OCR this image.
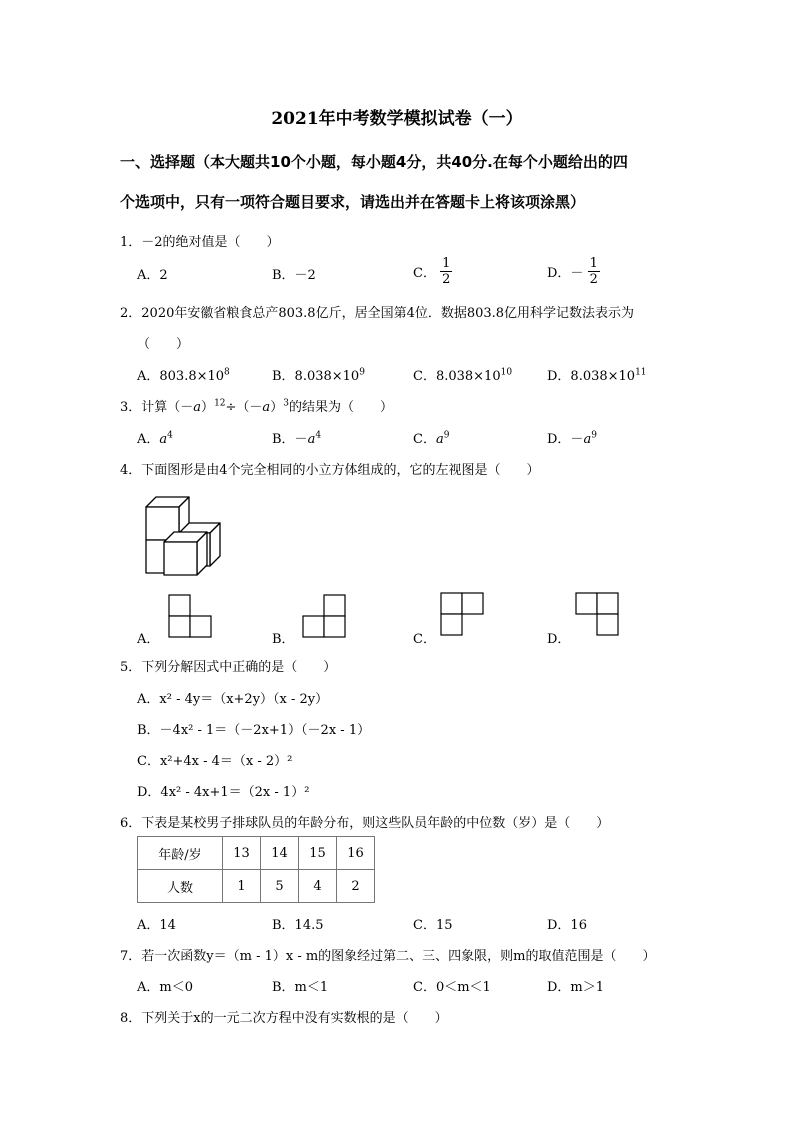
2021年中考数学模拟试卷（一）
一、选择题（本大题共10个小题，每小题4分，共40分.在每个小题给出的四
个选项中，只有一项符合题目要求，请选出并在答题卡上将该项涂黑）
1．－2的绝对值是（　　）
A．2	B．－2	C． $\frac{1}{2}$	D．－ $\frac{1}{2}$
2．2020年安徽省粮食总产803.8亿斤，居全国第4位．数据803.8亿用科学记数法表示为
（　　）
A．$803.8\times 10^8$	B．$8.038\times 10^9$	C．$8.038\times 10^{10}$	D．$8.038\times 10^{11}$
3．计算$(-a)^{12}\div(-a)^3$的结果为（　　）
A．$a^4$	B．$-a^4$	C．$a^9$	D．$-a^9$
4．下面图形是由4个完全相同的小立方体组成的，它的左视图是（　　）
A．	B．	C．	D．
5．下列分解因式中正确的是（　　）
A．x² - 4y＝（x+2y）（x - 2y）
B．－4x² - 1＝（－2x+1）（－2x - 1）
C．x²+4x - 4＝（x - 2）²
D．4x² - 4x+1＝（2x - 1）²
6．下表是某校男子排球队员的年龄分布，则这些队员年龄的中位数（岁）是（　　）
年龄/岁	13	14	15	16
人数	1	5	4	2
A．14	B．14.5	C．15	D．16
7．若一次函数y＝（m - 1）x - m的图象经过第二、三、四象限，则m的取值范围是（　　）
A．m＜0	B．m＜1	C．0＜m＜1	D．m＞1
8．下列关于x的一元二次方程中没有实数根的是（　　）
